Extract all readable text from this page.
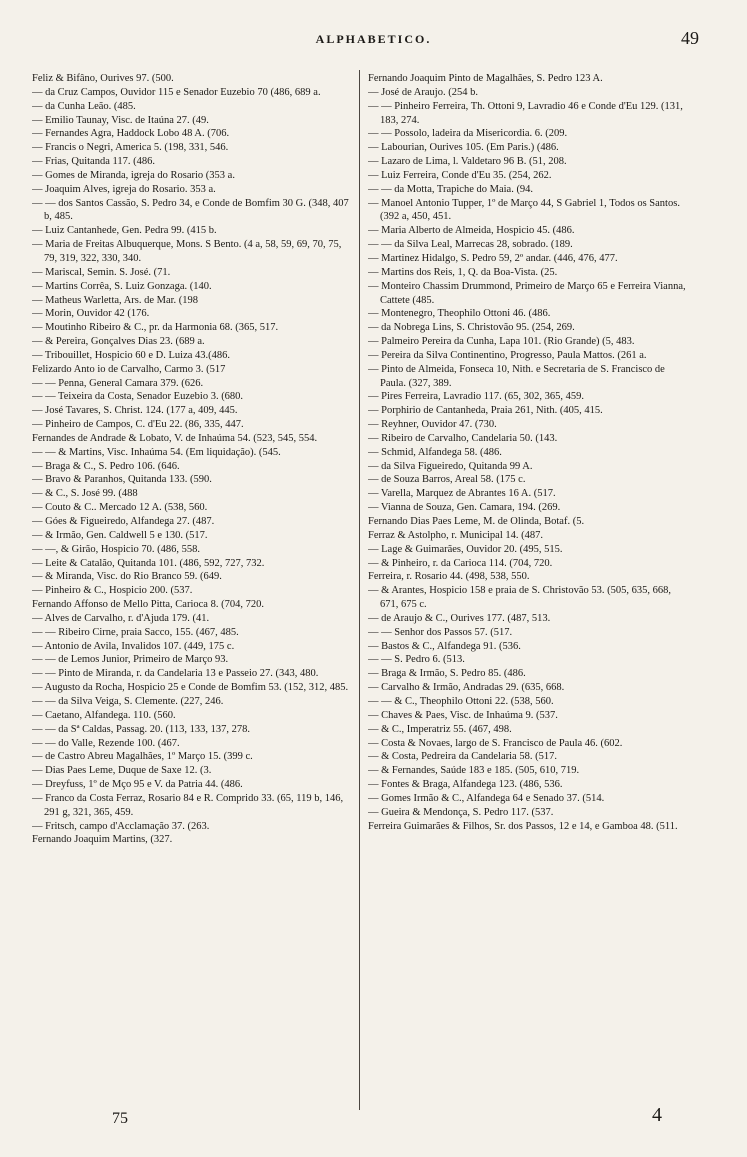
ALPHABETICO.	49
Feliz & Bifâno, Ourives 97. (500.
— da Cruz Campos, Ouvidor 115 e Senador Euzebio 70 (486, 689 a.
— da Cunha Leão. (485.
— Emilio Taunay, Visc. de Itaúna 27. (49.
— Fernandes Agra, Haddock Lobo 48 A. (706.
— Francis o Negri, America 5. (198, 331, 546.
— Frias, Quitanda 117. (486.
— Gomes de Miranda, igreja do Rosario (353 a.
— Joaquim Alves, igreja do Rosario. 353 a.
— — dos Santos Cassão, S. Pedro 34, e Conde de Bomfim 30 G. (348, 407 b, 485.
— Luiz Cantanhede, Gen. Pedra 99. (415 b.
— Maria de Freitas Albuquerque, Mons. S Bento. (4 a, 58, 59, 69, 70, 75, 79, 319, 322, 330, 340.
— Mariscal, Semin. S. José. (71.
— Martins Corrêa, S. Luiz Gonzaga. (140.
— Matheus Warletta, Ars. de Mar. (198
— Morin, Ouvidor 42 (176.
— Moutinho Ribeiro & C., pr. da Harmonia 68. (365, 517.
— & Pereira, Gonçalves Dias 23. (689 a.
— Tribouillet, Hospicio 60 e D. Luiza 43.(486.
Felizardo Anto io de Carvalho, Carmo 3. (517
— — Penna, General Camara 379. (626.
— — Teixeira da Costa, Senador Euzebio 3. (680.
— José Tavares, S. Christ. 124. (177 a, 409, 445.
— Pinheiro de Campos, C. d'Eu 22. (86, 335, 447.
Fernandes de Andrade & Lobato, V. de Inhaúma 54. (523, 545, 554.
— — & Martins, Visc. Inhaúma 54. (Em liquidação). (545.
— Braga & C., S. Pedro 106. (646.
— Bravo & Paranhos, Quitanda 133. (590.
— & C., S. José 99. (488
— Couto & C.. Mercado 12 A. (538, 560.
— Góes & Figueiredo, Alfandega 27. (487.
— & Irmão, Gen. Caldwell 5 e 130. (517.
— —, & Girão, Hospicio 70. (486, 558.
— Leite & Catalão, Quitanda 101. (486, 592, 727, 732.
— & Miranda, Visc. do Rio Branco 59. (649.
— Pinheiro & C., Hospicio 200. (537.
Fernando Affonso de Mello Pitta, Carioca 8. (704, 720.
— Alves de Carvalho, r. d'Ajuda 179. (41.
— — Ribeiro Cirne, praia Sacco, 155. (467, 485.
— Antonio de Avila, Invalidos 107. (449, 175 c.
— — de Lemos Junior, Primeiro de Março 93.
— — Pinto de Miranda, r. da Candelaria 13 e Passeio 27. (343, 480.
— Augusto da Rocha, Hospicio 25 e Conde de Bomfim 53. (152, 312, 485.
— — da Silva Veiga, S. Clemente. (227, 246.
— Caetano, Alfandega. 110. (560.
— — da Sª Caldas, Passag. 20. (113, 133, 137, 278.
— — do Valle, Rezende 100. (467.
— de Castro Abreu Magalhães, 1º Março 15. (399 c.
— Dias Paes Leme, Duque de Saxe 12. (3.
— Dreyfuss, 1º de Mço 95 e V. da Patria 44. (486.
— Franco da Costa Ferraz, Rosario 84 e R. Comprido 33. (65, 119 b, 146, 291 g, 321, 365, 459.
— Fritsch, campo d'Acclamação 37. (263.
Fernando Joaquim Martins, (327.
Fernando Joaquim Pinto de Magalhães, S. Pedro 123 A.
— José de Araujo. (254 b.
— — Pinheiro Ferreira, Th. Ottoni 9, Lavradio 46 e Conde d'Eu 129. (131, 183, 274.
— — Possolo, ladeira da Misericordia. 6. (209.
— Labourian, Ourives 105. (Em Paris.) (486.
— Lazaro de Lima, l. Valdetaro 96 B. (51, 208.
— Luiz Ferreira, Conde d'Eu 35. (254, 262.
— — da Motta, Trapiche do Maia. (94.
— Manoel Antonio Tupper, 1º de Março 44, S Gabriel 1, Todos os Santos. (392 a, 450, 451.
— Maria Alberto de Almeida, Hospicio 45. (486.
— — da Silva Leal, Marrecas 28, sobrado. (189.
— Martinez Hidalgo, S. Pedro 59, 2º andar. (446, 476, 477.
— Martins dos Reis, 1, Q. da Boa-Vista. (25.
— Monteiro Chassim Drummond, Primeiro de Março 65 e Ferreira Vianna, Cattete (485.
— Montenegro, Theophilo Ottoni 46. (486.
— da Nobrega Lins, S. Christovão 95. (254, 269.
— Palmeiro Pereira da Cunha, Lapa 101. (Rio Grande) (5, 483.
— Pereira da Silva Continentino, Progresso, Paula Mattos. (261 a.
— Pinto de Almeida, Fonseca 10, Nith. e Secretaria de S. Francisco de Paula. (327, 389.
— Pires Ferreira, Lavradio 117. (65, 302, 365, 459.
— Porphirio de Cantanheda, Praia 261, Nith. (405, 415.
— Reyhner, Ouvidor 47. (730.
— Ribeiro de Carvalho, Candelaria 50. (143.
— Schmid, Alfandega 58. (486.
— da Silva Figueiredo, Quitanda 99 A.
— de Souza Barros, Areal 58. (175 c.
— Varella, Marquez de Abrantes 16 A. (517.
— Vianna de Souza, Gen. Camara, 194. (269.
Fernando Dias Paes Leme, M. de Olinda, Botaf. (5.
Ferraz & Astolpho, r. Municipal 14. (487.
— Lage & Guimarães, Ouvidor 20. (495, 515.
— & Pinheiro, r. da Carioca 114. (704, 720.
Ferreira, r. Rosario 44. (498, 538, 550.
— & Arantes, Hospicio 158 e praia de S. Christovão 53. (505, 635, 668, 671, 675 c.
— de Araujo & C., Ourives 177. (487, 513.
— — Senhor dos Passos 57. (517.
— Bastos & C., Alfandega 91. (536.
— — S. Pedro 6. (513.
— Braga & Irmão, S. Pedro 85. (486.
— Carvalho & Irmão, Andradas 29. (635, 668.
— — & C., Theophilo Ottoni 22. (538, 560.
— Chaves & Paes, Visc. de Inhaúma 9. (537.
— & C., Imperatriz 55. (467, 498.
— Costa & Novaes, largo de S. Francisco de Paula 46. (602.
— & Costa, Pedreira da Candelaria 58. (517.
— & Fernandes, Saúde 183 e 185. (505, 610, 719.
— Fontes & Braga, Alfandega 123. (486, 536.
— Gomes Irmão & C., Alfandega 64 e Senado 37. (514.
— Gueira & Mendonça, S. Pedro 117. (537.
Ferreira Guimarães & Filhos, Sr. dos Passos, 12 e 14, e Gamboa 48. (511.
75	4
